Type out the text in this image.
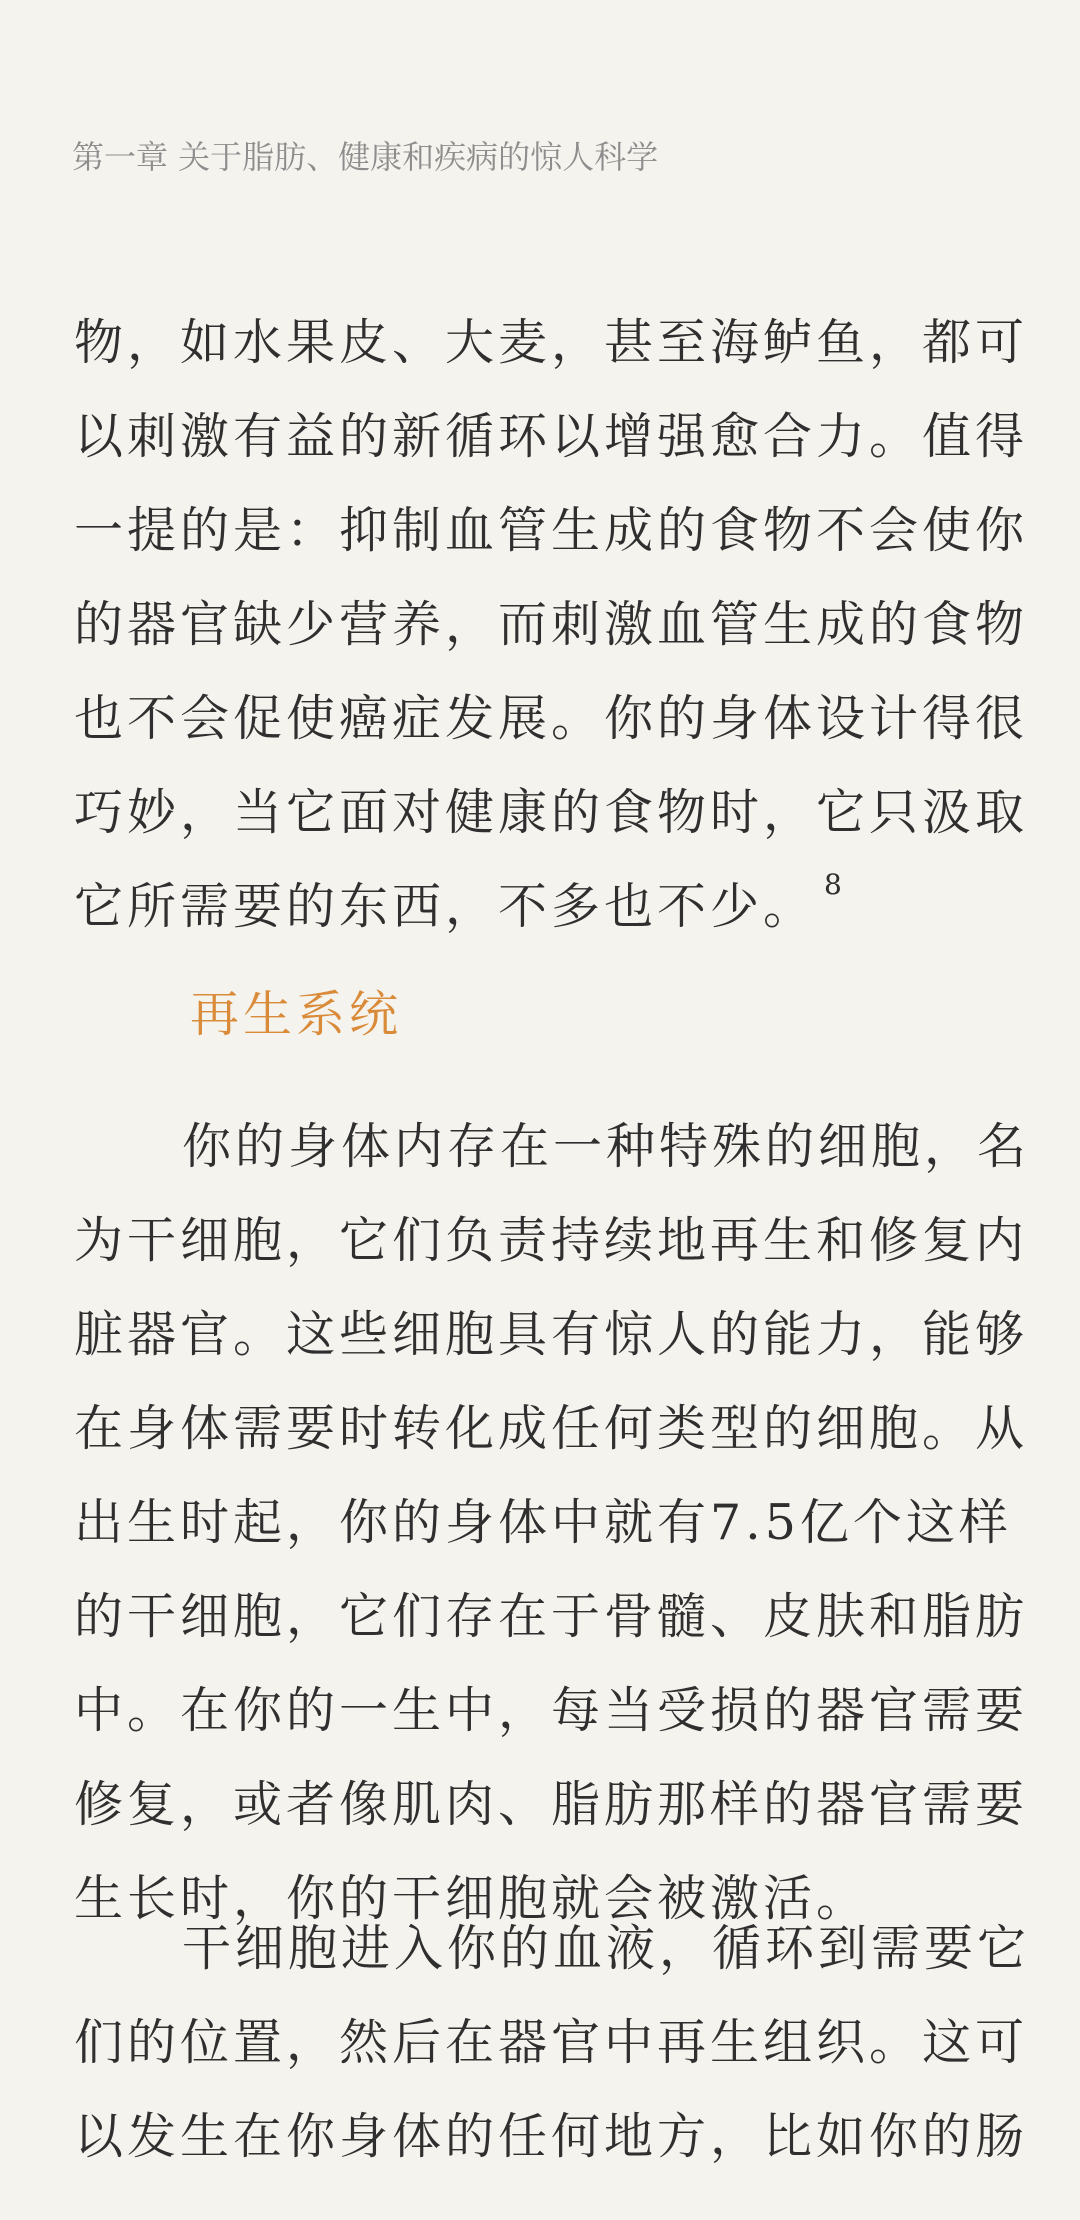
第一章 关于脂肪、健康和疾病的惊人科学
物，如水果皮、大麦，甚至海鲈鱼，都可
以刺激有益的新循环以增强愈合力。值得
一提的是：抑制血管生成的食物不会使你
的器官缺少营养，而刺激血管生成的食物
也不会促使癌症发展。你的身体设计得很
巧妙，当它面对健康的食物时，它只汲取
它所需要的东西，不多也不少。 $^8$
再生系统
你的身体内存在一种特殊的细胞，名
为干细胞，它们负责持续地再生和修复内
脏器官。这些细胞具有惊人的能力，能够
在身体需要时转化成任何类型的细胞。从
出生时起，你的身体中就有7.5亿个这样
的干细胞，它们存在于骨髓、皮肤和脂肪
中。在你的一生中，每当受损的器官需要
修复，或者像肌肉、脂肪那样的器官需要
生长时，你的干细胞就会被激活。
干细胞进入你的血液，循环到需要它
们的位置，然后在器官中再生组织。这可
以发生在你身体的任何地方，比如你的肠
